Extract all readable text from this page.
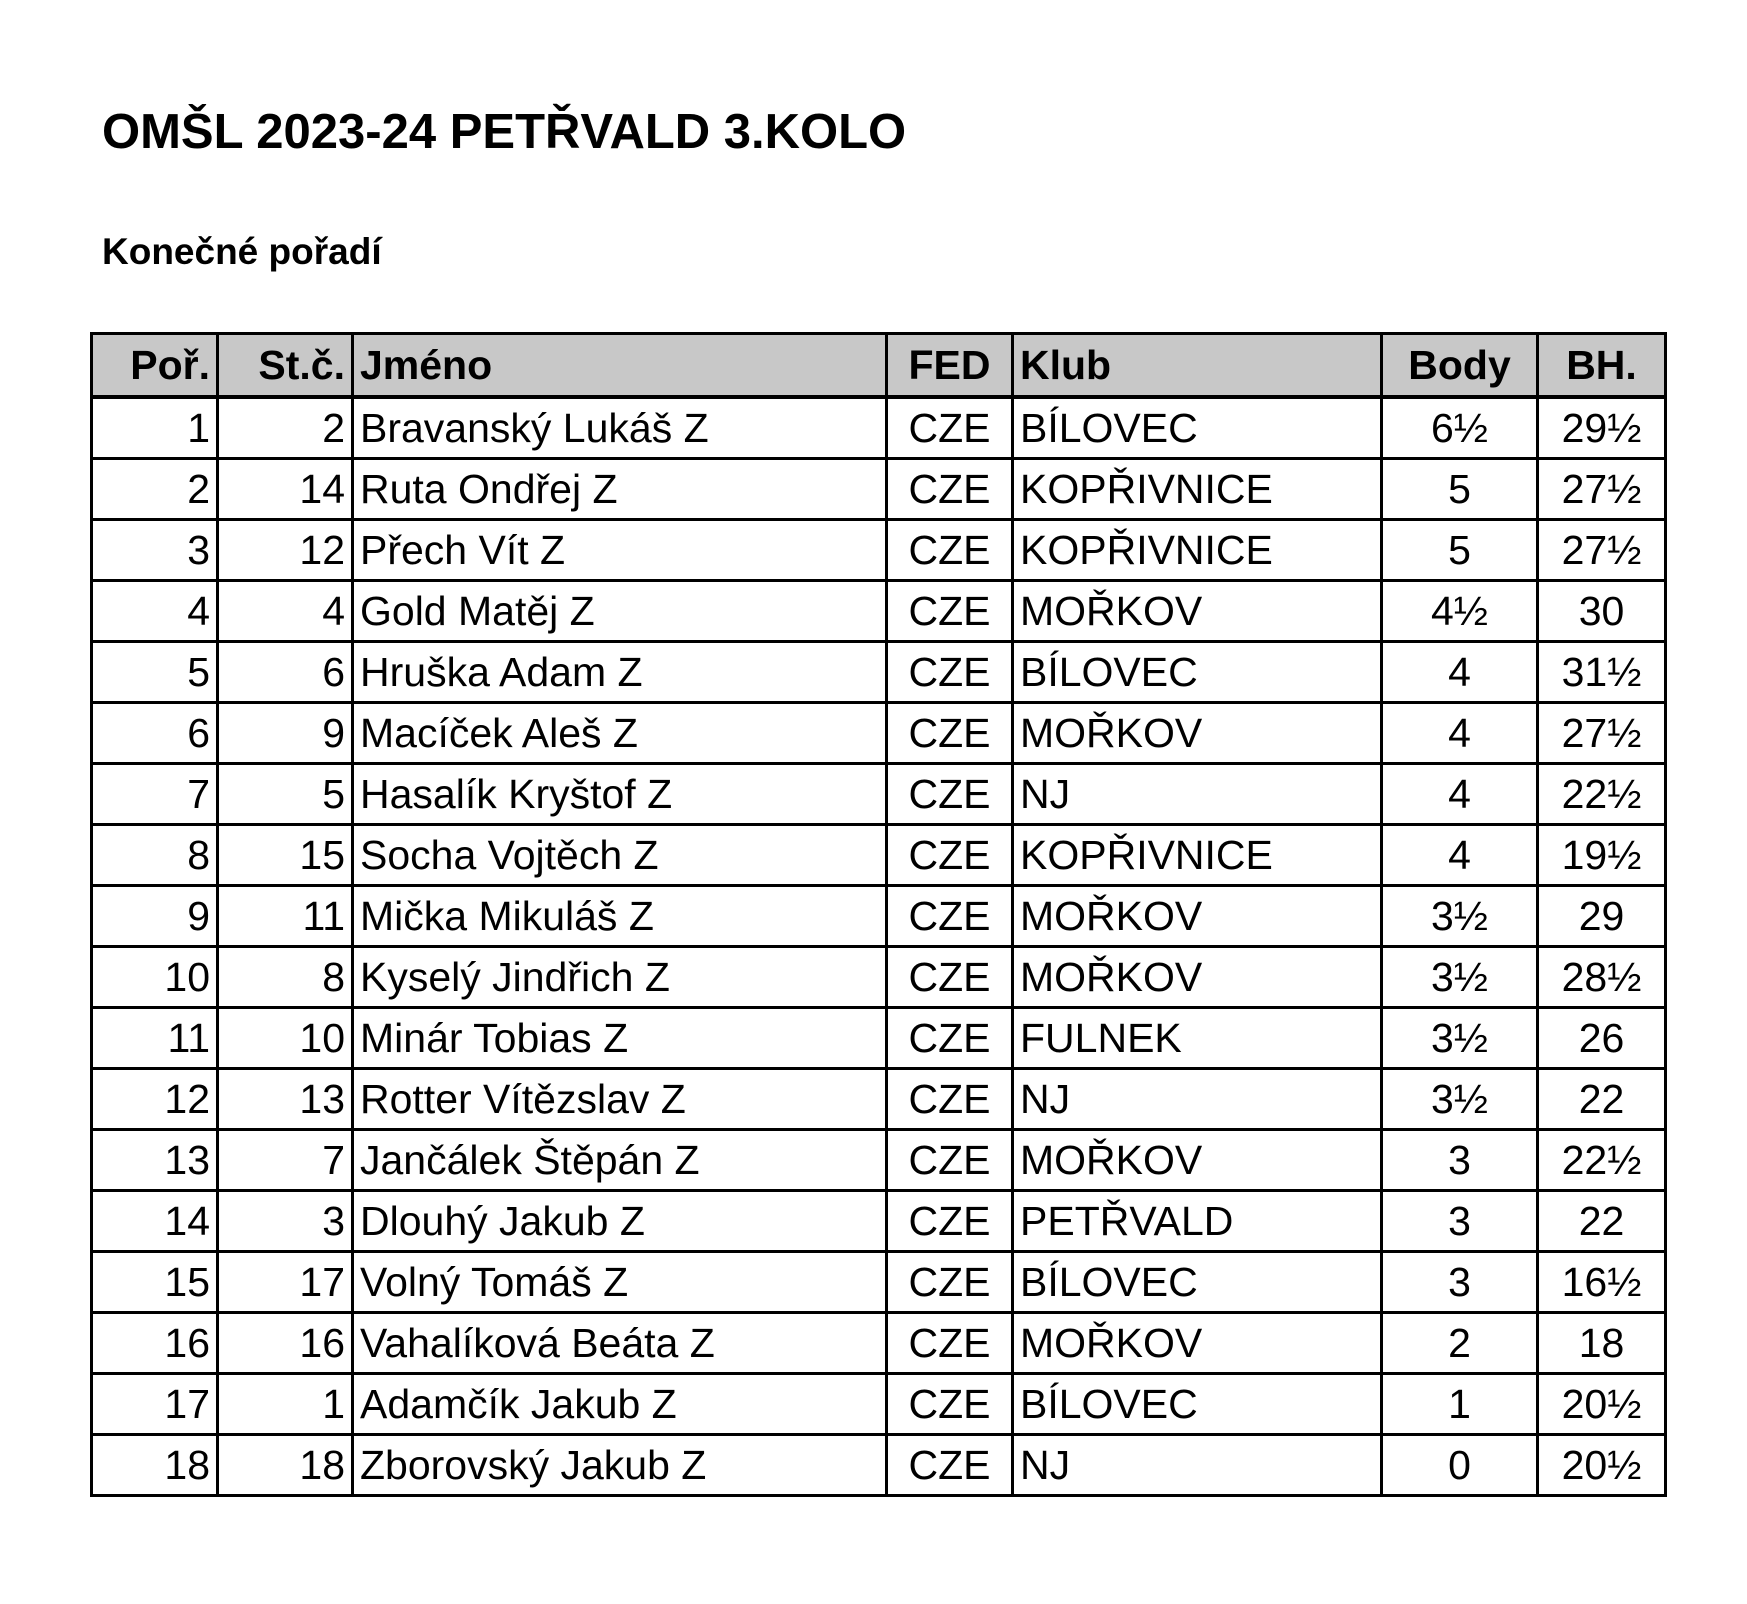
OMŠL 2023-24 PETŘVALD 3.KOLO
Konečné pořadí
Poř.	St.č.	Jméno	FED	Klub	Body	BH.
1	2	Bravanský Lukáš Z	CZE	BÍLOVEC	6½	29½
2	14	Ruta Ondřej Z	CZE	KOPŘIVNICE	5	27½
3	12	Přech Vít Z	CZE	KOPŘIVNICE	5	27½
4	4	Gold Matěj Z	CZE	MOŘKOV	4½	30
5	6	Hruška Adam Z	CZE	BÍLOVEC	4	31½
6	9	Macíček Aleš Z	CZE	MOŘKOV	4	27½
7	5	Hasalík Kryštof Z	CZE	NJ	4	22½
8	15	Socha Vojtěch Z	CZE	KOPŘIVNICE	4	19½
9	11	Mička Mikuláš Z	CZE	MOŘKOV	3½	29
10	8	Kyselý Jindřich Z	CZE	MOŘKOV	3½	28½
11	10	Minár Tobias Z	CZE	FULNEK	3½	26
12	13	Rotter Vítězslav Z	CZE	NJ	3½	22
13	7	Jančálek Štěpán Z	CZE	MOŘKOV	3	22½
14	3	Dlouhý Jakub Z	CZE	PETŘVALD	3	22
15	17	Volný Tomáš Z	CZE	BÍLOVEC	3	16½
16	16	Vahalíková Beáta Z	CZE	MOŘKOV	2	18
17	1	Adamčík Jakub Z	CZE	BÍLOVEC	1	20½
18	18	Zborovský Jakub Z	CZE	NJ	0	20½
